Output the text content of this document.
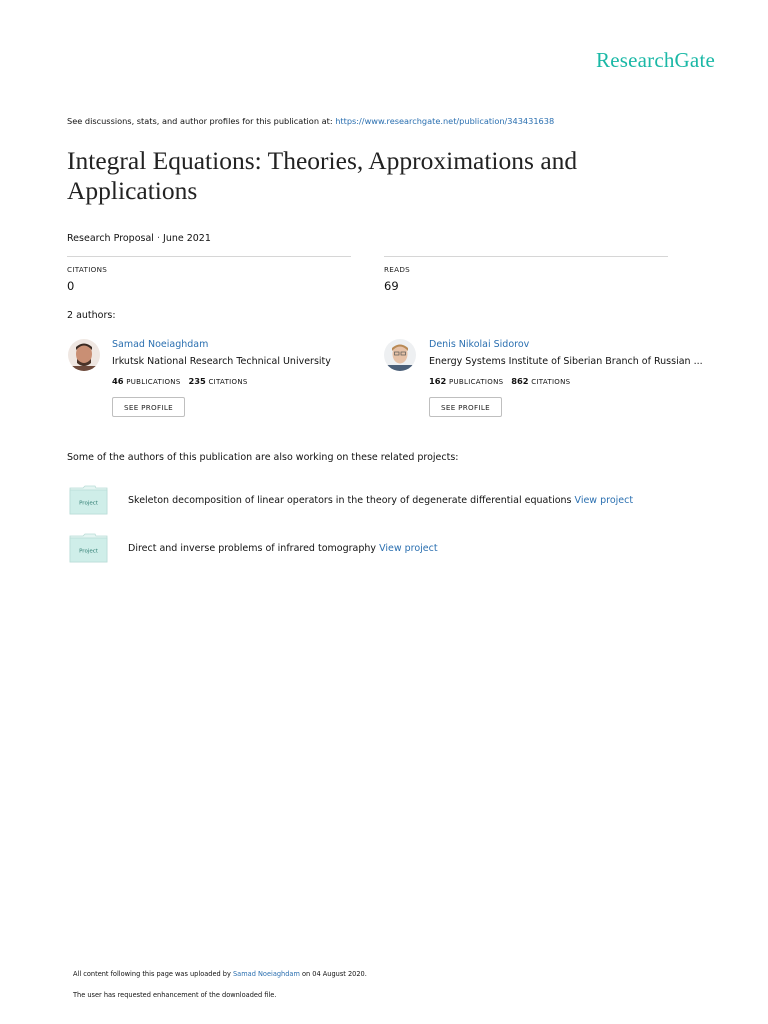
ResearchGate
See discussions, stats, and author profiles for this publication at: https://www.researchgate.net/publication/343431638
Integral Equations: Theories, Approximations and Applications
Research Proposal · June 2021
CITATIONS
0
READS
69
2 authors:
Samad Noeiaghdam
Irkutsk National Research Technical University
46 PUBLICATIONS 235 CITATIONS
SEE PROFILE
Denis Nikolai Sidorov
Energy Systems Institute of Siberian Branch of Russian ...
162 PUBLICATIONS 862 CITATIONS
SEE PROFILE
Some of the authors of this publication are also working on these related projects:
Project	Skeleton decomposition of linear operators in the theory of degenerate differential equations View project
Project	Direct and inverse problems of infrared tomography View project
All content following this page was uploaded by Samad Noeiaghdam on 04 August 2020.
The user has requested enhancement of the downloaded file.
